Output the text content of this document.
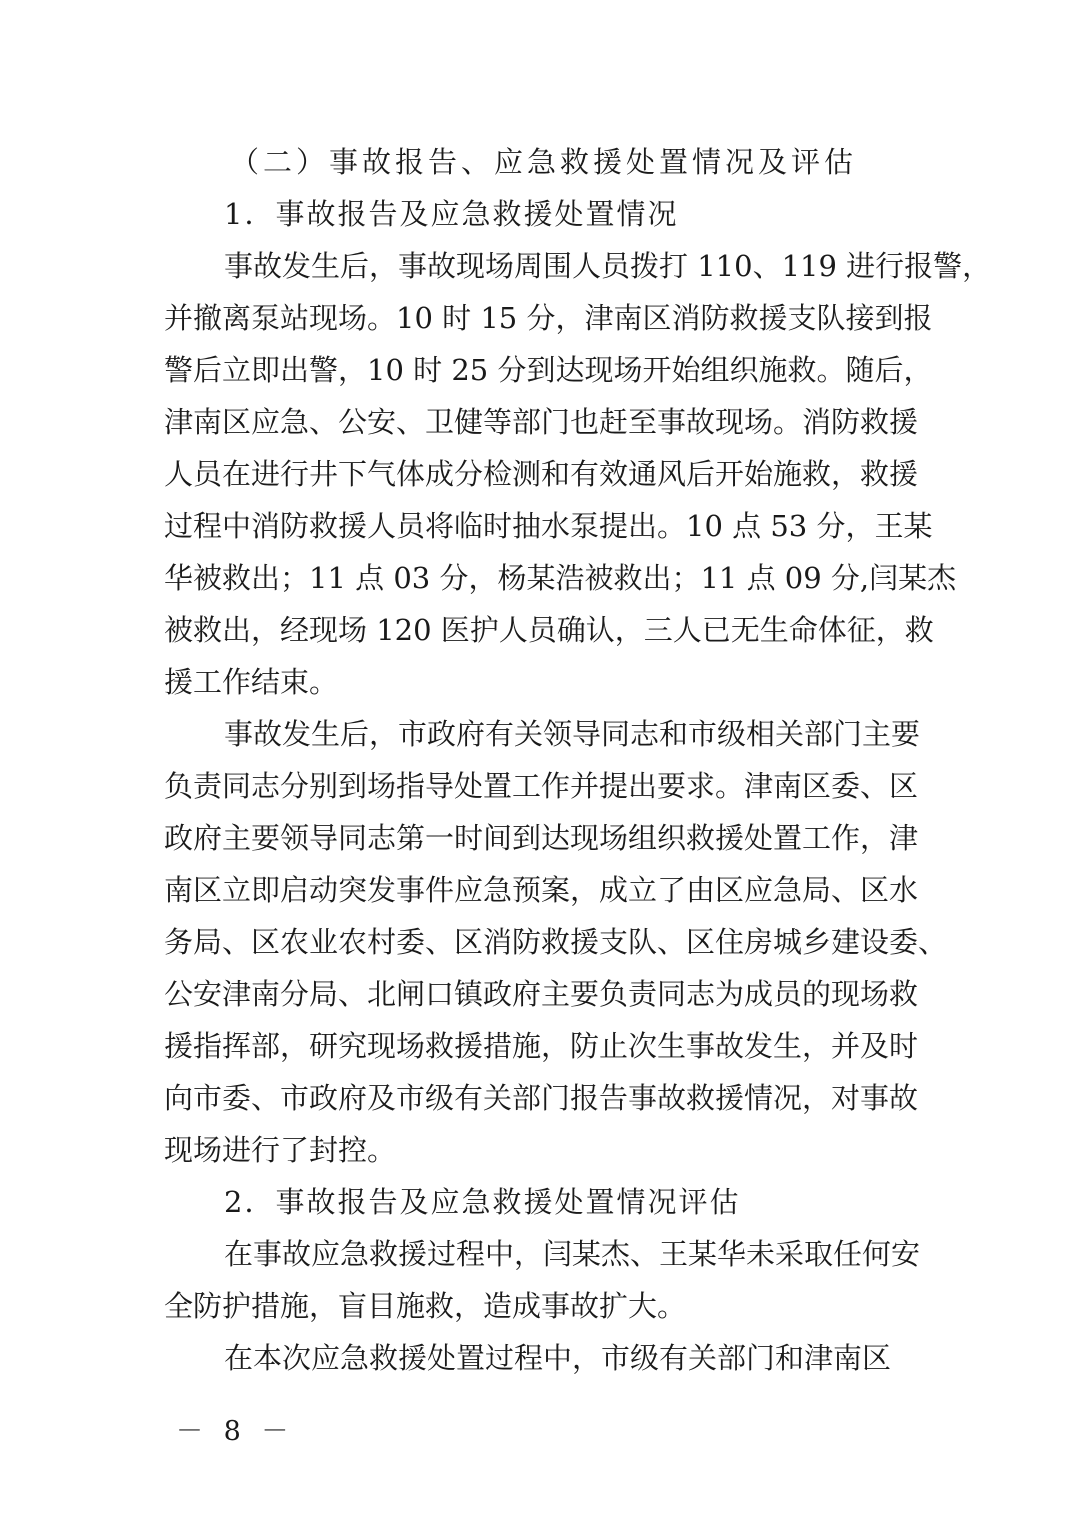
（二）事故报告、应急救援处置情况及评估
1．事故报告及应急救援处置情况
事故发生后，事故现场周围人员拨打 110、119 进行报警，
并撤离泵站现场。10 时 15 分，津南区消防救援支队接到报
警后立即出警，10 时 25 分到达现场开始组织施救。随后，
津南区应急、公安、卫健等部门也赶至事故现场。消防救援
人员在进行井下气体成分检测和有效通风后开始施救，救援
过程中消防救援人员将临时抽水泵提出。10 点 53 分，王某
华被救出；11 点 03 分，杨某浩被救出；11 点 09 分,闫某杰
被救出，经现场 120 医护人员确认，三人已无生命体征，救
援工作结束。
事故发生后，市政府有关领导同志和市级相关部门主要
负责同志分别到场指导处置工作并提出要求。津南区委、区
政府主要领导同志第一时间到达现场组织救援处置工作，津
南区立即启动突发事件应急预案，成立了由区应急局、区水
务局、区农业农村委、区消防救援支队、区住房城乡建设委、
公安津南分局、北闸口镇政府主要负责同志为成员的现场救
援指挥部，研究现场救援措施，防止次生事故发生，并及时
向市委、市政府及市级有关部门报告事故救援情况，对事故
现场进行了封控。
2．事故报告及应急救援处置情况评估
在事故应急救援过程中，闫某杰、王某华未采取任何安
全防护措施，盲目施救，造成事故扩大。
在本次应急救援处置过程中，市级有关部门和津南区
－ 8 －
